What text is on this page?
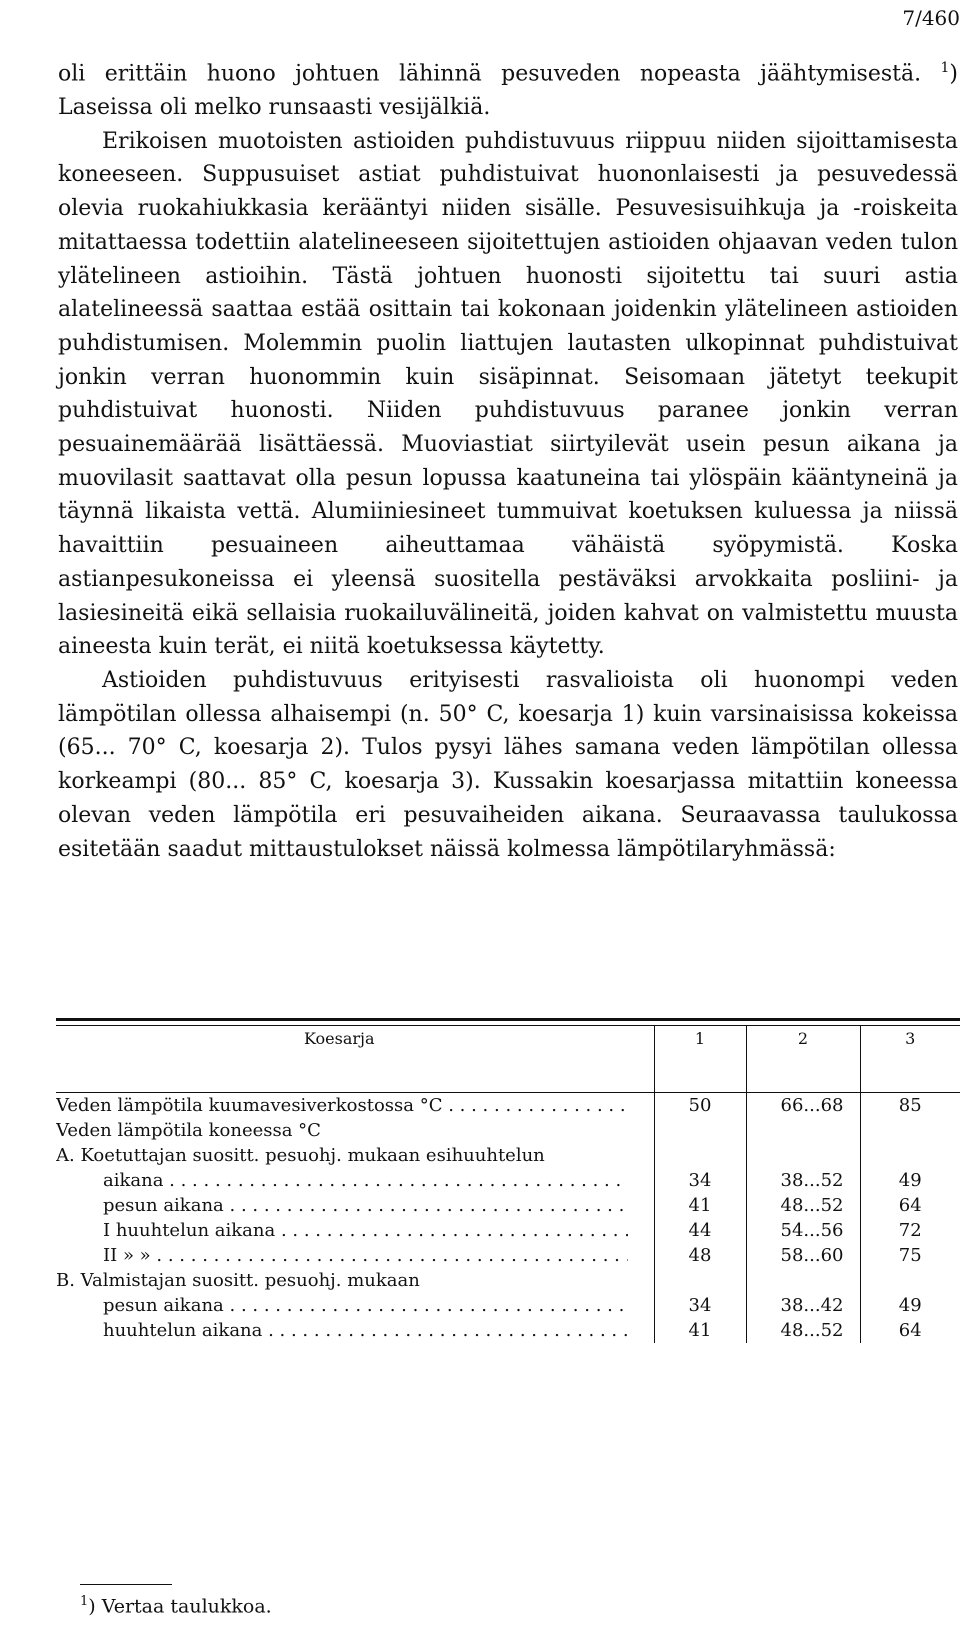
7/460

oli erittäin huono johtuen lähinnä pesuveden nopeasta jäähtymisestä. $^1$) Laseissa oli melko runsaasti vesijälkiä.

Erikoisen muotoisten astioiden puhdistuvuus riippuu niiden sijoittamisesta koneeseen. Suppusuiset astiat puhdistuivat huononlaisesti ja pesuvedessä olevia ruokahiukkasia kerääntyi niiden sisälle. Pesuvesisuihkuja ja -roiskeita mitattaessa todettiin alatelineeseen sijoitettujen astioiden ohjaavan veden tulon ylätelineen astioihin. Tästä johtuen huonosti sijoitettu tai suuri astia alatelineessä saattaa estää osittain tai kokonaan joidenkin ylätelineen astioiden puhdistumisen. Molemmin puolin liattujen lautasten ulkopinnat puhdistuivat jonkin verran huonommin kuin sisäpinnat. Seisomaan jätetyt teekupit puhdistuivat huonosti. Niiden puhdistuvuus paranee jonkin verran pesuainemäärää lisättäessä. Muoviastiat siirtyilevät usein pesun aikana ja muovilasit saattavat olla pesun lopussa kaatuneina tai ylöspäin kääntyneinä ja täynnä likaista vettä. Alumiiniesineet tummuivat koetuksen kuluessa ja niissä havaittiin pesuaineen aiheuttamaa vähäistä syöpymistä. Koska astianpesukoneissa ei yleensä suositella pestäväksi arvokkaita posliini- ja lasiesineitä eikä sellaisia ruokailuvälineitä, joiden kahvat on valmistettu muusta aineesta kuin terät, ei niitä koetuksessa käytetty.

Astioiden puhdistuvuus erityisesti rasvalioista oli huonompi veden lämpötilan ollessa alhaisempi (n. 50° C, koesarja 1) kuin varsinaisissa kokeissa (65... 70° C, koesarja 2). Tulos pysyi lähes samana veden lämpötilan ollessa korkeampi (80... 85° C, koesarja 3). Kussakin koesarjassa mitattiin koneessa olevan veden lämpötila eri pesuvaiheiden aikana. Seuraavassa taulukossa esitetään saadut mittaustulokset näissä kolmessa lämpötilaryhmässä:

Koesarja	1	2	3
Veden lämpötila kuumavesiverkostossa °C . . .	50	66...68	85

Veden lämpötila koneessa °C			

A. Koetuttajan suositt. pesuohj. mukaan esihuuhtelun			

aikana . . .	34	38...52	49

pesun aikana . . .	41	48...52	64

I huuhtelun aikana . . .	44	54...56	72

II » » . . .	48	58...60	75

B. Valmistajan suositt. pesuohj. mukaan			

pesun aikana . . .	34	38...42	49

huuhtelun aikana . . .	41	48...52	64
$^1$) Vertaa taulukkoa.
